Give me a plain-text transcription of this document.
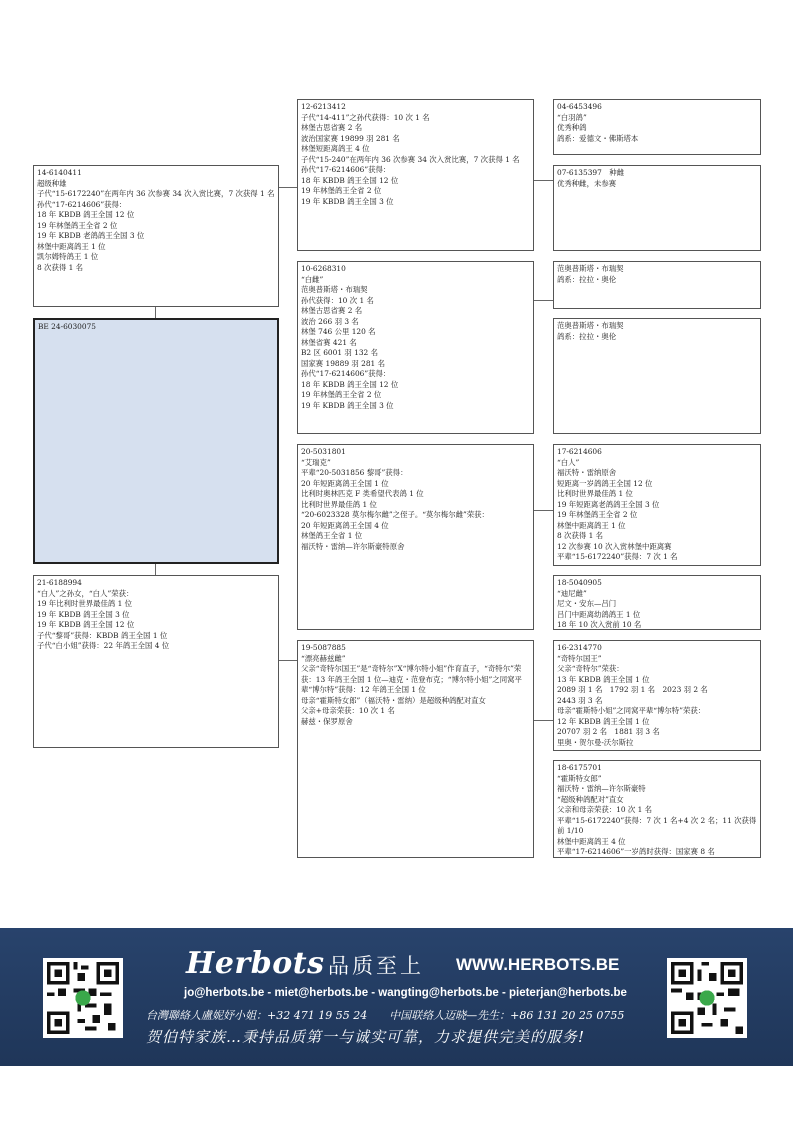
14-6140411
超级种雄
子代“15-6172240”在两年内 36 次参赛 34 次入赏比赛，7 次获得 1 名
孙代“17-6214606”获得：
18 年 KBDB 鸽王全国 12 位
19 年林堡鸽王全省 2 位
19 年 KBDB 老鸽鸽王全国 3 位
林堡中距离鸽王 1 位
凯尔姆特鸽王 1 位
8 次获得 1 名
BE 24-6030075
21-6188994
“白人”之孙女，“白人”荣获：
19 年比利时世界最佳鸽 1 位
19 年 KBDB 鸽王全国 3 位
19 年 KBDB 鸽王全国 12 位
子代“黎哥”获得：KBDB 鸽王全国 1 位
子代“白小姐”获得：22 年鸽王全国 4 位
12-6213412
子代“14-411”之孙代获得：10 次 1 名
林堡古思省赛 2 名
波治国家赛 19899 羽 281 名
林堡短距离鸽王 4 位
子代“15-240”在两年内 36 次参赛 34 次入赏比赛，7 次获得 1 名
孙代“17-6214606”获得：
18 年 KBDB 鸽王全国 12 位
19 年林堡鸽王全省 2 位
19 年 KBDB 鸽王全国 3 位
10-6268310
“白雌”
范奥普斯塔・布瑞契
孙代获得：10 次 1 名
林堡古思省赛 2 名
波治 266 羽 3 名
林堡 746 公里 120 名
林堡省赛 421 名
B2 区 6001 羽 132 名
国家赛 19889 羽 281 名
孙代“17-6214606”获得：
18 年 KBDB 鸽王全国 12 位
19 年林堡鸽王全省 2 位
19 年 KBDB 鸽王全国 3 位
20-5031801
“艾瑞克”
平辈“20-5031856 黎哥”获得：
20 年短距离鸽王全国 1 位
比利时奥林匹克 F 类希望代表鸽 1 位
比利时世界最佳鸽 1 位
“20-6023328 莫尔梅尔雌”之侄子。“莫尔梅尔雌”荣获：
20 年短距离鸽王全国 4 位
林堡鸽王全省 1 位
福沃特・雷纳—许尔斯豪特原舍
19-5087885
“漂亮赫兹雌”
父亲“奇特尔国王”是“奇特尔”X“博尔特小姐”作育直子，“奇特尔”荣获：13 年鸽王全国 1 位—迪克・范登布克；“博尔特小姐”之同窝平辈“博尔特”获得：12 年鸽王全国 1 位
母亲“霍斯特女郎”（福沃特・雷纳）是超级种鸽配对直女
父亲+母亲荣获：10 次 1 名
赫兹・保罗原舍
04-6453496
“白羽鸽”
优秀种鸽
鸽系：爱德文・佛斯塔本
07-6135397　种雌
优秀种雌，未参赛
范奥普斯塔・布瑞契
鸽系：拉拉・奥伦
范奥普斯塔・布瑞契
鸽系：拉拉・奥伦
17-6214606
“白人”
福沃特・雷纳原舍
短距离一岁鸽鸽王全国 12 位
比利时世界最佳鸽 1 位
19 年短距离老鸽鸽王全国 3 位
19 年林堡鸽王全省 2 位
林堡中距离鸽王 1 位
8 次获得 1 名
12 次参赛 10 次入赏林堡中距离赛
平辈“15-6172240”获得：7 次 1 名
18-5040905
“迪尼雌”
尼文・安东—吕门
吕门中距离幼鸽鸽王 1 位
18 年 10 次入赏前 10 名
16-2314770
“奇特尔国王”
父亲“奇特尔”荣获：
13 年 KBDB 鸽王全国 1 位
2089 羽 1 名　1792 羽 1 名　2023 羽 2 名
2443 羽 3 名
母亲“霍斯特小姐”之同窝平辈“博尔特”荣获：
12 年 KBDB 鸽王全国 1 位
20707 羽 2 名　1881 羽 3 名
里奥・贺尔曼-沃尔斯拉
18-6175701
“霍斯特女郎”
福沃特・雷纳—许尔斯豪特
“超级种鸽配对”直女
父亲和母亲荣获：10 次 1 名
平辈“15-6172240”获得：7 次 1 名+4 次 2 名；11 次获得前 1/10
林堡中距离鸽王 4 位
平辈“17-6214606”一岁鸽时获得：国家赛 8 名
Herbots 品质至上 WWW.HERBOTS.BE
jo@herbots.be - miet@herbots.be - wangting@herbots.be - pieterjan@herbots.be
台灣聯絡人盧妮妤小姐：+32 471 19 55 24　　中国联络人迈晓—先生：+86 131 20 25 0755
贺伯特家族…秉持品质第一与诚实可靠，力求提供完美的服务!
